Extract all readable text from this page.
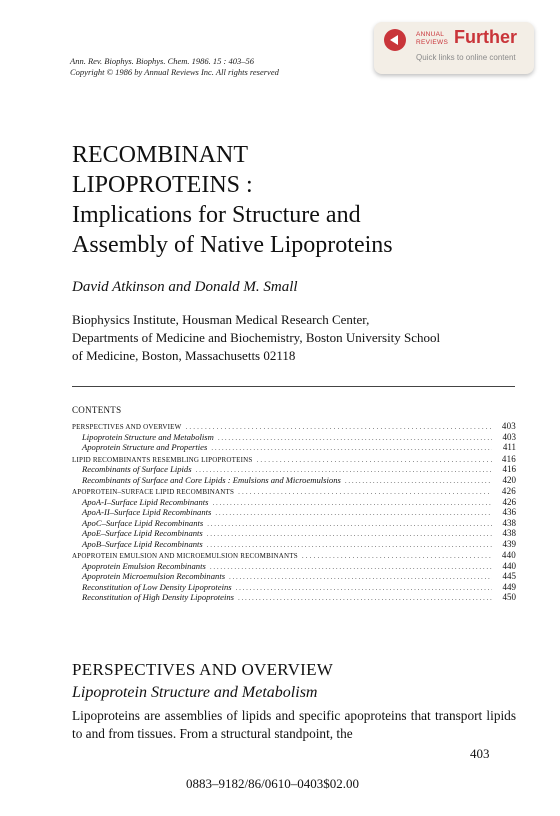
Ann. Rev. Biophys. Biophys. Chem. 1986. 15 : 403–56
Copyright © 1986 by Annual Reviews Inc. All rights reserved
ANNUAL
REVIEWS Further
Quick links to online content
RECOMBINANT
LIPOPROTEINS :
Implications for Structure and
Assembly of Native Lipoproteins
David Atkinson and Donald M. Small
Biophysics Institute, Housman Medical Research Center,
Departments of Medicine and Biochemistry, Boston University School
of Medicine, Boston, Massachusetts 02118
CONTENTS
PERSPECTIVES AND OVERVIEW . . .	403
Lipoprotein Structure and Metabolism . . .	403
Apoprotein Structure and Properties . . .	411
LIPID RECOMBINANTS RESEMBLING LIPOPROTEINS . . .	416
Recombinants of Surface Lipids . . .	416
Recombinants of Surface and Core Lipids : Emulsions and Microemulsions . . .	420
APOPROTEIN–SURFACE LIPID RECOMBINANTS . . .	426
ApoA-I–Surface Lipid Recombinants . . .	426
ApoA-II–Surface Lipid Recombinants . . .	436
ApoC–Surface Lipid Recombinants . . .	438
ApoE–Surface Lipid Recombinants . . .	438
ApoB–Surface Lipid Recombinants . . .	439
APOPROTEIN EMULSION AND MICROEMULSION RECOMBINANTS . . .	440
Apoprotein Emulsion Recombinants . . .	440
Apoprotein Microemulsion Recombinants . . .	445
Reconstitution of Low Density Lipoproteins . . .	449
Reconstitution of High Density Lipoproteins . . .	450
PERSPECTIVES AND OVERVIEW
Lipoprotein Structure and Metabolism
Lipoproteins are assemblies of lipids and specific apoproteins that transport lipids to and from tissues. From a structural standpoint, the
403
0883–9182/86/0610–0403$02.00
